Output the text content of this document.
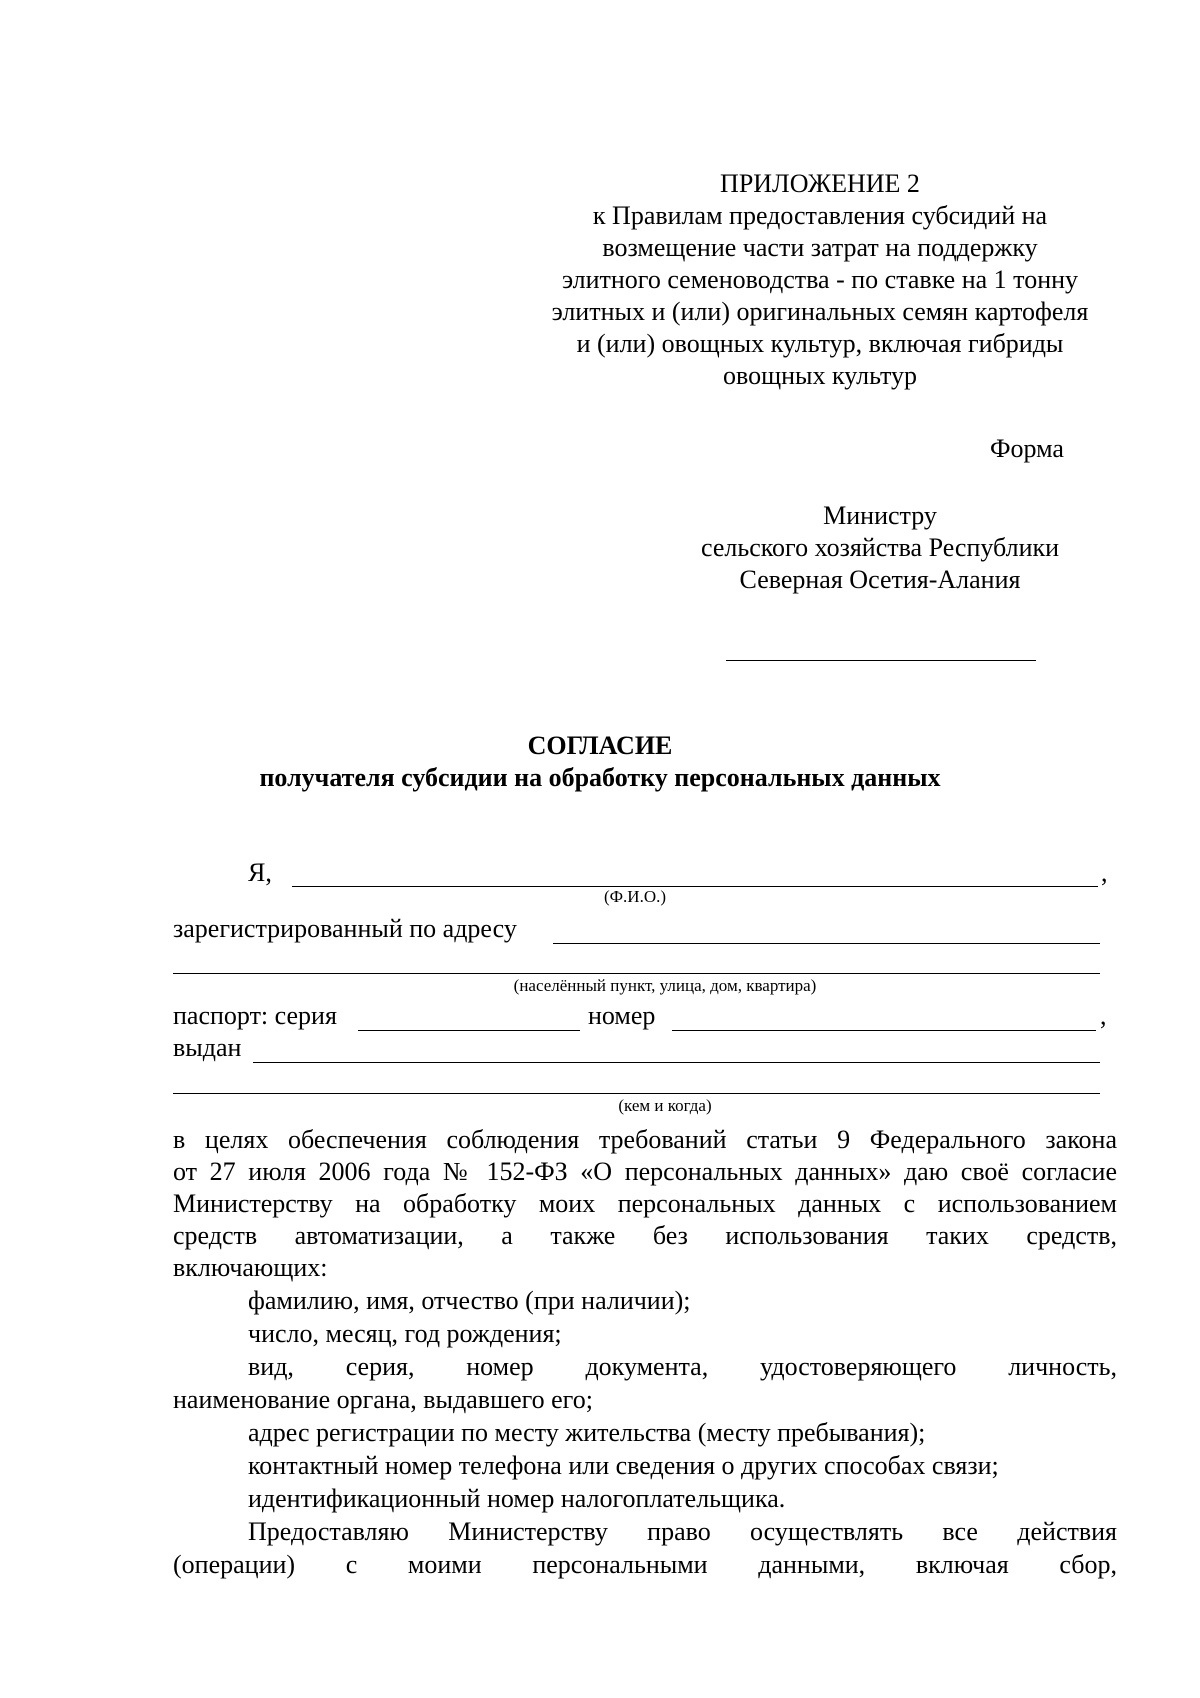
ПРИЛОЖЕНИЕ 2
к Правилам предоставления субсидий на
возмещение части затрат на поддержку
элитного семеноводства - по ставке на 1 тонну
элитных и (или) оригинальных семян картофеля
и (или) овощных культур, включая гибриды
овощных культур
Форма
Министру
сельского хозяйства Республики
Северная Осетия-Алания
СОГЛАСИЕ
получателя субсидии на обработку персональных данных
Я,	,
(Ф.И.О.)
зарегистрированный по адресу
(населённый пункт, улица, дом, квартира)
паспорт: серия	номер	,
выдан
(кем и когда)
в целях обеспечения соблюдения требований статьи 9 Федерального закона
от 27 июля 2006 года № 152-ФЗ «О персональных данных» даю своё согласие
Министерству на обработку моих персональных данных с использованием
средств автоматизации, а также без использования таких средств,
включающих:
фамилию, имя, отчество (при наличии);
число, месяц, год рождения;
вид, серия, номер документа, удостоверяющего личность,
наименование органа, выдавшего его;
адрес регистрации по месту жительства (месту пребывания);
контактный номер телефона или сведения о других способах связи;
идентификационный номер налогоплательщика.
Предоставляю Министерству право осуществлять все действия
(операции) с моими персональными данными, включая сбор,
